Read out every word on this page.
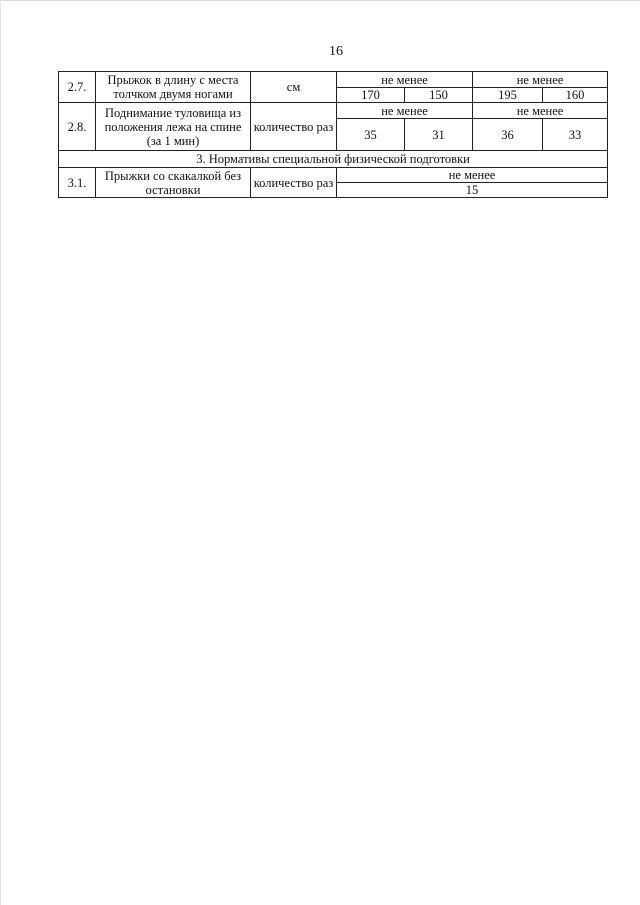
16
2.7.	Прыжок в длину с места толчком двумя ногами	см	не менее		не менее	
			170	150	195	160
2.8.	Поднимание туловища из положения лежа на спине (за 1 мин)	количество раз	не менее		не менее	
			35	31	36	33
3. Нормативы специальной физической подготовки						
3.1.	Прыжки со скакалкой без остановки	количество раз	не менее			
			15			
